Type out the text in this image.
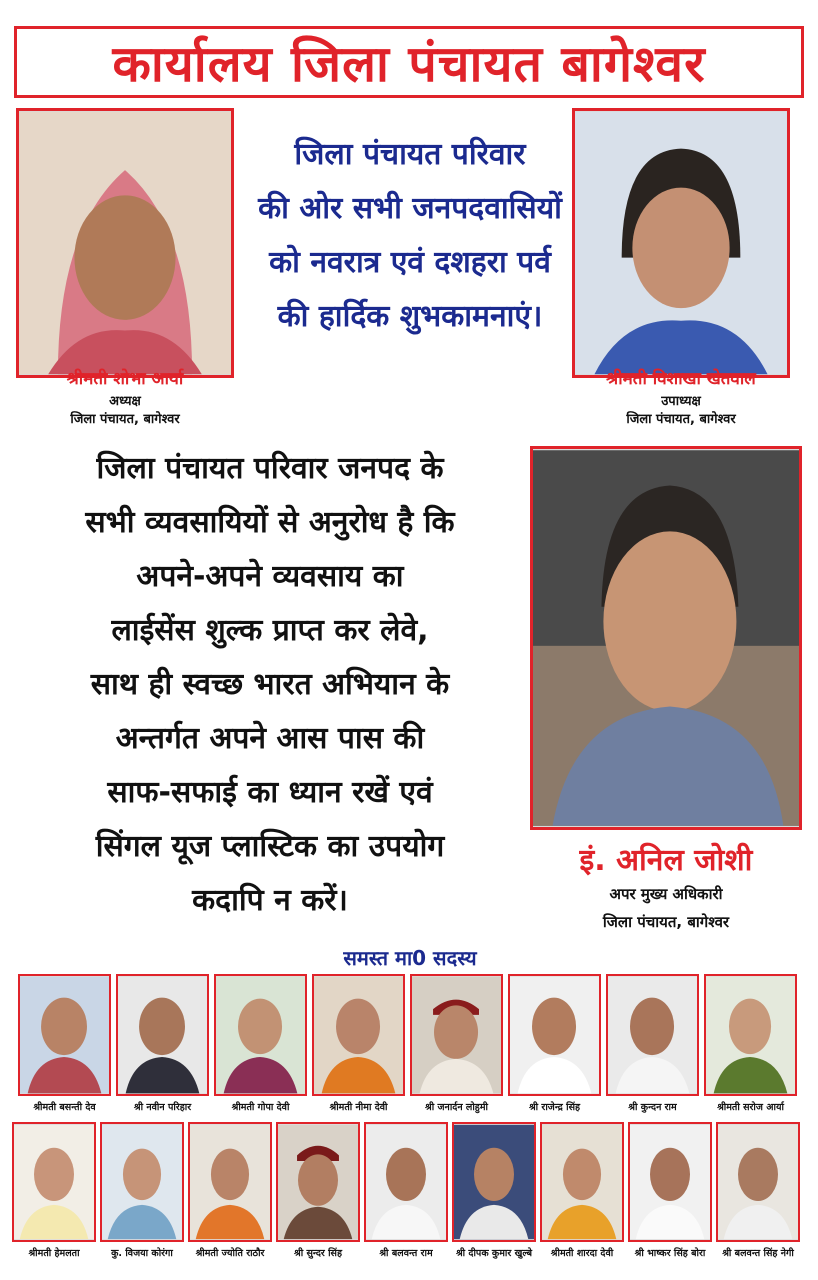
कार्यालय जिला पंचायत बागेश्वर
श्रीमती शोभा आर्या
अध्यक्ष
जिला पंचायत, बागेश्वर
जिला पंचायत परिवार
की ओर सभी जनपदवासियों
को नवरात्र एवं दशहरा पर्व
की हार्दिक शुभकामनाएं।
श्रीमती विशाखा खेतवाल
उपाध्यक्ष
जिला पंचायत, बागेश्वर
जिला पंचायत परिवार जनपद के
सभी व्यवसायियों से अनुरोध है कि
अपने-अपने व्यवसाय का
लाईसेंस शुल्क प्राप्त कर लेवे,
साथ ही स्वच्छ भारत अभियान के
अन्तर्गत अपने आस पास की
साफ-सफाई का ध्यान रखें एवं
सिंगल यूज प्लास्टिक का उपयोग
कदापि न करें।
इं. अनिल जोशी
अपर मुख्य अधिकारी
जिला पंचायत, बागेश्वर
समस्त मा0 सदस्य
श्रीमती बसन्ती देव	श्री नवीन परिहार	श्रीमती गोपा देवी	श्रीमती नीमा देवी	श्री जनार्दन लोहुमी	श्री राजेन्द्र सिंह	श्री कुन्दन राम	श्रीमती सरोज आर्या
श्रीमती हेमलता	कु. विजया कोरंगा श्रीमती ज्योति राठौर	श्री सुन्दर सिंह	श्री बलवन्त राम श्री दीपक कुमार खुल्बे श्रीमती शारदा देवी श्री भाष्कर सिंह बोरा श्री बलवन्त सिंह नेगी
